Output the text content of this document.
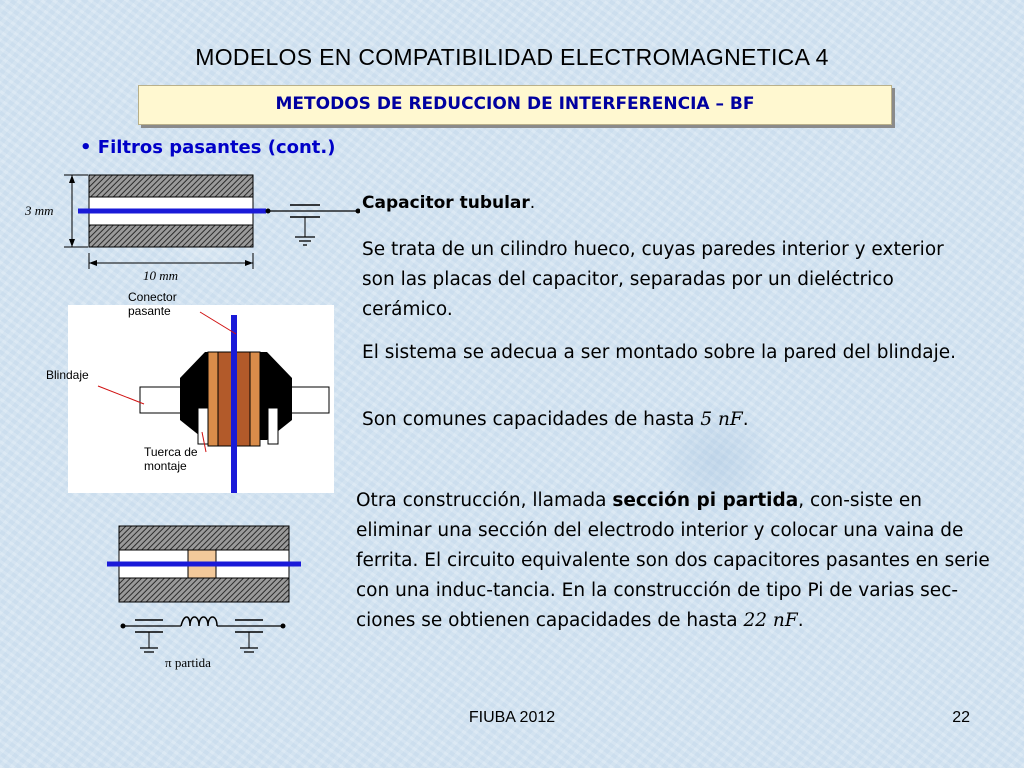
MODELOS EN COMPATIBILIDAD ELECTROMAGNETICA 4
METODOS DE REDUCCION DE INTERFERENCIA – BF
• Filtros pasantes (cont.)
3 mm
10 mm
Conector
pasante
Blindaje
Tuerca de
montaje
π partida
Capacitor tubular.
Se trata de un cilindro hueco, cuyas paredes interior y exterior son las placas del capacitor, separadas por un dieléctrico cerámico.
El sistema se adecua a ser montado sobre la pared del blindaje.
Son comunes capacidades de hasta 5 nF.
Otra construcción, llamada sección pi partida, con-siste en eliminar una sección del electrodo interior y colocar una vaina de ferrita. El circuito equivalente son dos capacitores pasantes en serie con una induc-tancia. En la construcción de tipo Pi de varias sec-ciones se obtienen capacidades de hasta 22 nF.
FIUBA 2012	22
